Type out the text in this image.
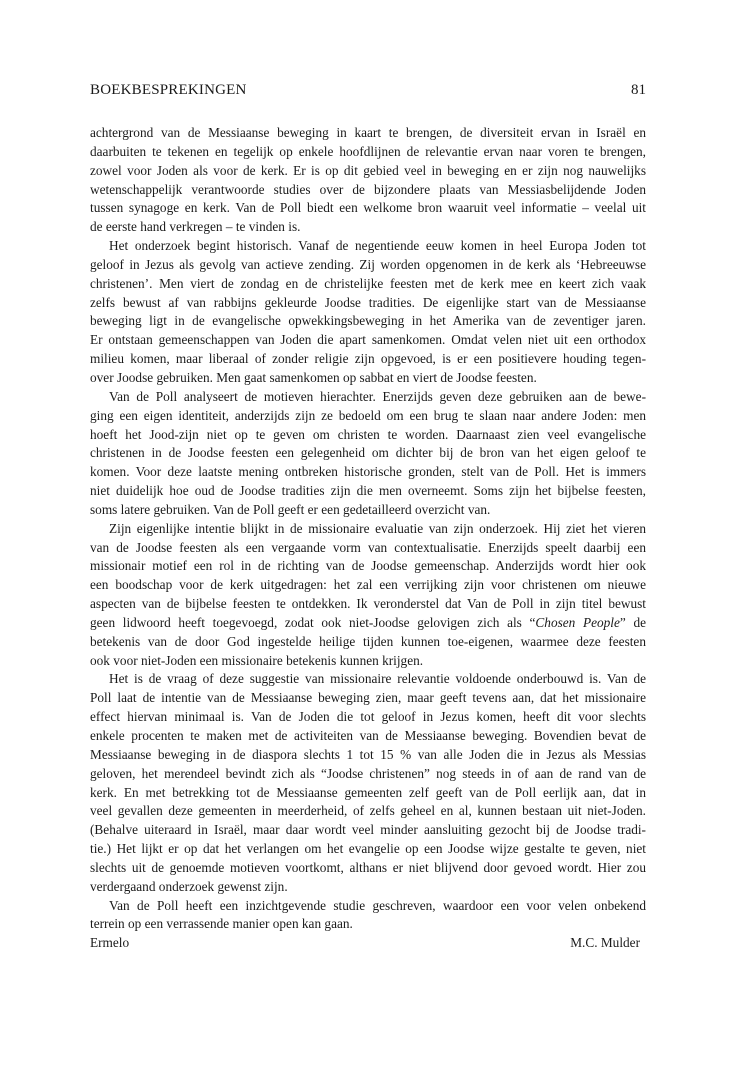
BOEKBESPREKINGEN	81
achtergrond van de Messiaanse beweging in kaart te brengen, de diversiteit ervan in Israël en
daarbuiten te tekenen en tegelijk op enkele hoofdlijnen de relevantie ervan naar voren te brengen,
zowel voor Joden als voor de kerk. Er is op dit gebied veel in beweging en er zijn nog nauwelijks
wetenschappelijk verantwoorde studies over de bijzondere plaats van Messiasbelijdende Joden
tussen synagoge en kerk. Van de Poll biedt een welkome bron waaruit veel informatie – veelal uit
de eerste hand verkregen – te vinden is.
Het onderzoek begint historisch. Vanaf de negentiende eeuw komen in heel Europa Joden tot
geloof in Jezus als gevolg van actieve zending. Zij worden opgenomen in de kerk als ‘Hebreeuwse
christenen’. Men viert de zondag en de christelijke feesten met de kerk mee en keert zich vaak
zelfs bewust af van rabbijns gekleurde Joodse tradities. De eigenlijke start van de Messiaanse
beweging ligt in de evangelische opwekkingsbeweging in het Amerika van de zeventiger jaren.
Er ontstaan gemeenschappen van Joden die apart samenkomen. Omdat velen niet uit een orthodox
milieu komen, maar liberaal of zonder religie zijn opgevoed, is er een positievere houding tegen-
over Joodse gebruiken. Men gaat samenkomen op sabbat en viert de Joodse feesten.
Van de Poll analyseert de motieven hierachter. Enerzijds geven deze gebruiken aan de bewe-
ging een eigen identiteit, anderzijds zijn ze bedoeld om een brug te slaan naar andere Joden: men
hoeft het Jood-zijn niet op te geven om christen te worden. Daarnaast zien veel evangelische
christenen in de Joodse feesten een gelegenheid om dichter bij de bron van het eigen geloof te
komen. Voor deze laatste mening ontbreken historische gronden, stelt van de Poll. Het is immers
niet duidelijk hoe oud de Joodse tradities zijn die men overneemt. Soms zijn het bijbelse feesten,
soms latere gebruiken. Van de Poll geeft er een gedetailleerd overzicht van.
Zijn eigenlijke intentie blijkt in de missionaire evaluatie van zijn onderzoek. Hij ziet het vieren
van de Joodse feesten als een vergaande vorm van contextualisatie. Enerzijds speelt daarbij een
missionair motief een rol in de richting van de Joodse gemeenschap. Anderzijds wordt hier ook
een boodschap voor de kerk uitgedragen: het zal een verrijking zijn voor christenen om nieuwe
aspecten van de bijbelse feesten te ontdekken. Ik veronderstel dat Van de Poll in zijn titel bewust
geen lidwoord heeft toegevoegd, zodat ook niet-Joodse gelovigen zich als “Chosen People” de
betekenis van de door God ingestelde heilige tijden kunnen toe-eigenen, waarmee deze feesten
ook voor niet-Joden een missionaire betekenis kunnen krijgen.
Het is de vraag of deze suggestie van missionaire relevantie voldoende onderbouwd is. Van de
Poll laat de intentie van de Messiaanse beweging zien, maar geeft tevens aan, dat het missionaire
effect hiervan minimaal is. Van de Joden die tot geloof in Jezus komen, heeft dit voor slechts
enkele procenten te maken met de activiteiten van de Messiaanse beweging. Bovendien bevat de
Messiaanse beweging in de diaspora slechts 1 tot 15 % van alle Joden die in Jezus als Messias
geloven, het merendeel bevindt zich als “Joodse christenen” nog steeds in of aan de rand van de
kerk. En met betrekking tot de Messiaanse gemeenten zelf geeft van de Poll eerlijk aan, dat in
veel gevallen deze gemeenten in meerderheid, of zelfs geheel en al, kunnen bestaan uit niet-Joden.
(Behalve uiteraard in Israël, maar daar wordt veel minder aansluiting gezocht bij de Joodse tradi-
tie.) Het lijkt er op dat het verlangen om het evangelie op een Joodse wijze gestalte te geven, niet
slechts uit de genoemde motieven voortkomt, althans er niet blijvend door gevoed wordt. Hier zou
verdergaand onderzoek gewenst zijn.
Van de Poll heeft een inzichtgevende studie geschreven, waardoor een voor velen onbekend
terrein op een verrassende manier open kan gaan.
Ermelo	M.C. Mulder
